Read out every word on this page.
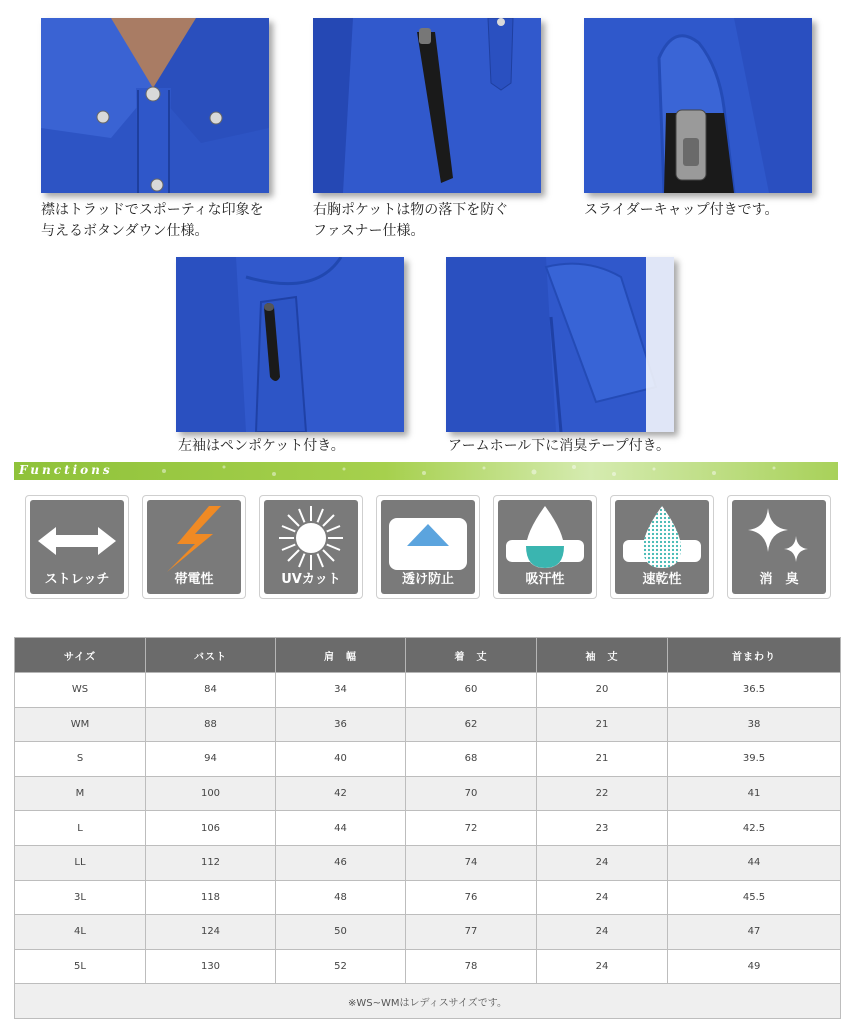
襟はトラッドでスポーティな印象を
与えるボタンダウン仕様。
右胸ポケットは物の落下を防ぐ
ファスナー仕様。
スライダーキャップ付きです。
左袖はペンポケット付き。	アームホール下に消臭テープ付き。
Functions
ストレッチ	帯電性	UVカット	透け防止	吸汗性	速乾性	消　臭
サイズ	バスト	肩　幅	着　丈	袖　丈	首まわり
WS	84	34	60	20	36.5
WM	88	36	62	21	38
S	94	40	68	21	39.5
M	100	42	70	22	41
L	106	44	72	23	42.5
LL	112	46	74	24	44
3L	118	48	76	24	45.5
4L	124	50	77	24	47
5L	130	52	78	24	49
※WS~WMはレディスサイズです。					
